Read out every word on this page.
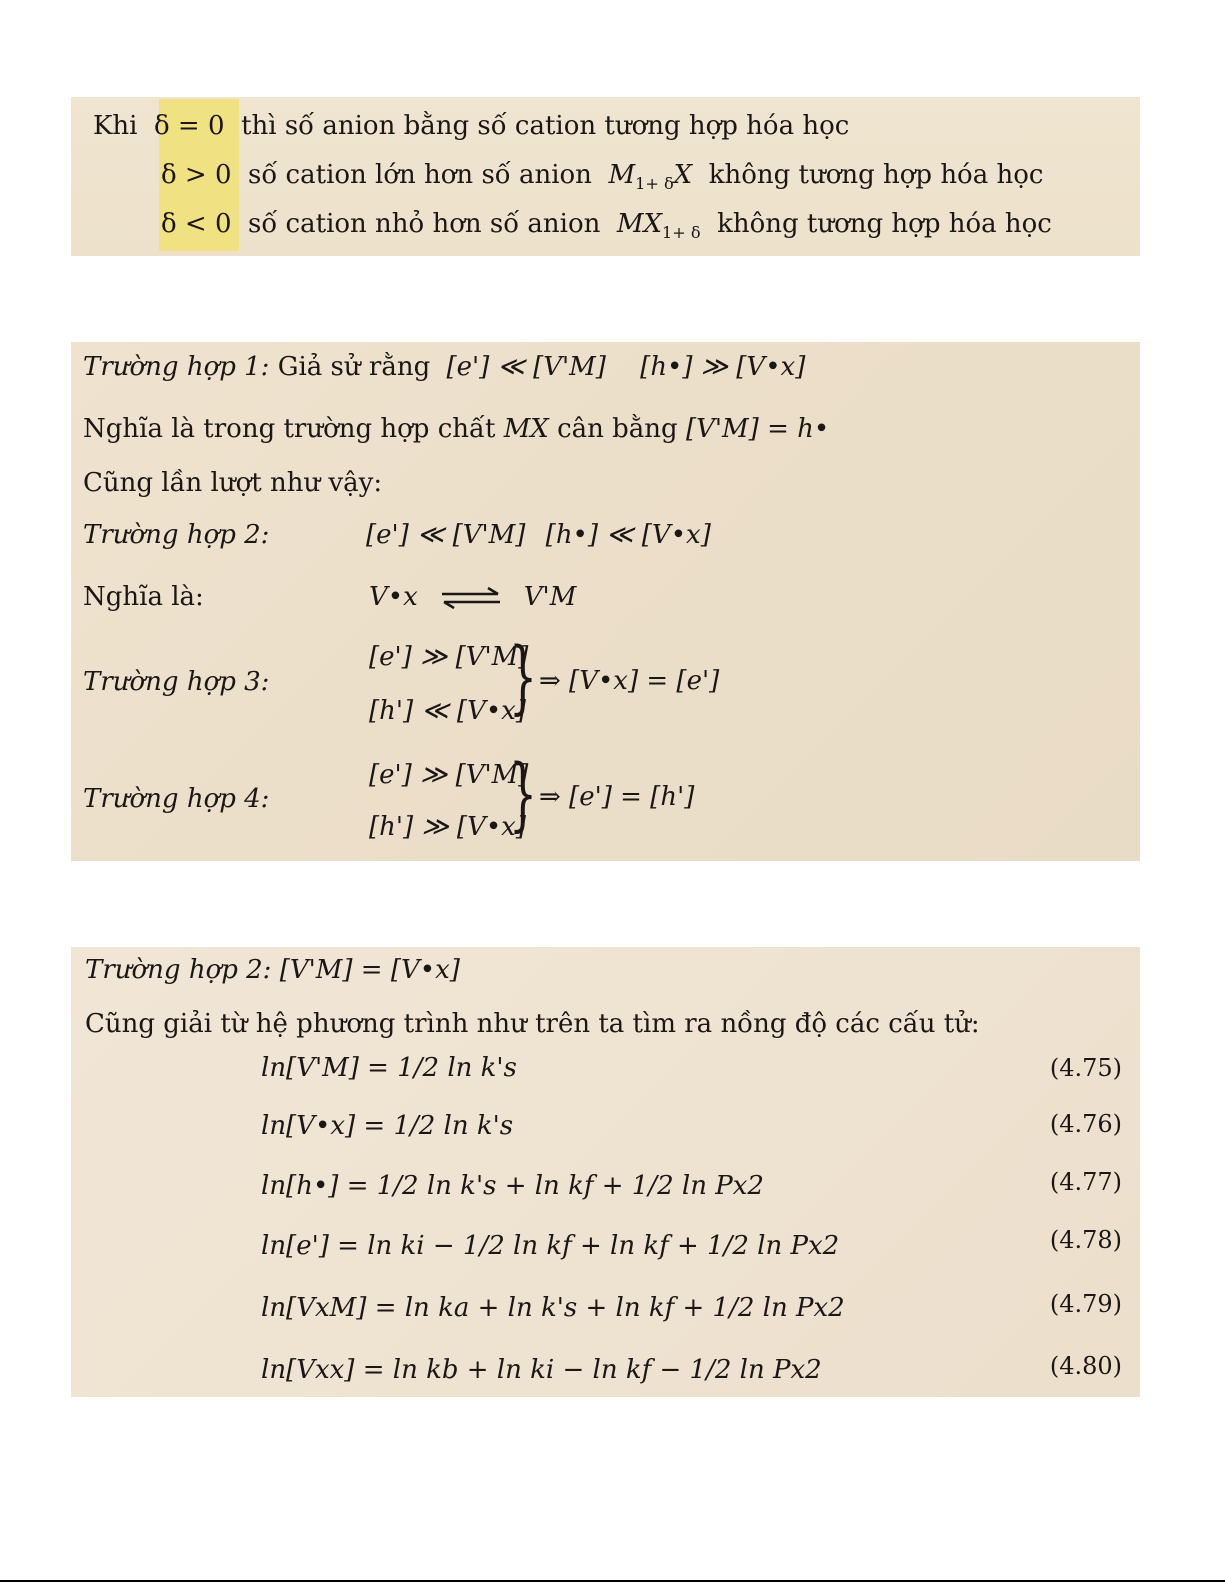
Khi δ = 0 thì số anion bằng số cation tương hợp hóa học
δ > 0 số cation lớn hơn số anion $M_{1+ \delta}X$ không tương hợp hóa học
δ < 0 số cation nhỏ hơn số anion $MX_{1+ \delta}$ không tương hợp hóa học
Trường hợp 1: Giả sử rằng [e'] ≪ [V'M] [h•] ≫ [V•x]
Nghĩa là trong trường hợp chất MX cân bằng [V'M] = h•
Cũng lần lượt như vậy:
Trường hợp 2:	[e'] ≪ [V'M] [h•] ≪ [V•x]
Nghĩa là:	V•x ⇌ V'M
Trường hợp 3:
[e'] ≫ [V'M]
[h'] ≪ [V•x]
} ⇒ [V•x] = [e']
Trường hợp 4:
[e'] ≫ [V'M]
[h'] ≫ [V•x]
} ⇒ [e'] = [h']
Trường hợp 2: [V'M] = [V•x]
Cũng giải từ hệ phương trình như trên ta tìm ra nồng độ các cấu tử:
ln[V'M] = 1/2 ln k's	(4.75)
ln[V•x] = 1/2 ln k's	(4.76)
ln[h•] = 1/2 ln k's + ln kf + 1/2 ln Px2	(4.77)
ln[e'] = ln ki − 1/2 ln kf + ln kf + 1/2 ln Px2	(4.78)
ln[VxM] = ln ka + ln k's + ln kf + 1/2 ln Px2	(4.79)
ln[Vxx] = ln kb + ln ki − ln kf − 1/2 ln Px2	(4.80)
